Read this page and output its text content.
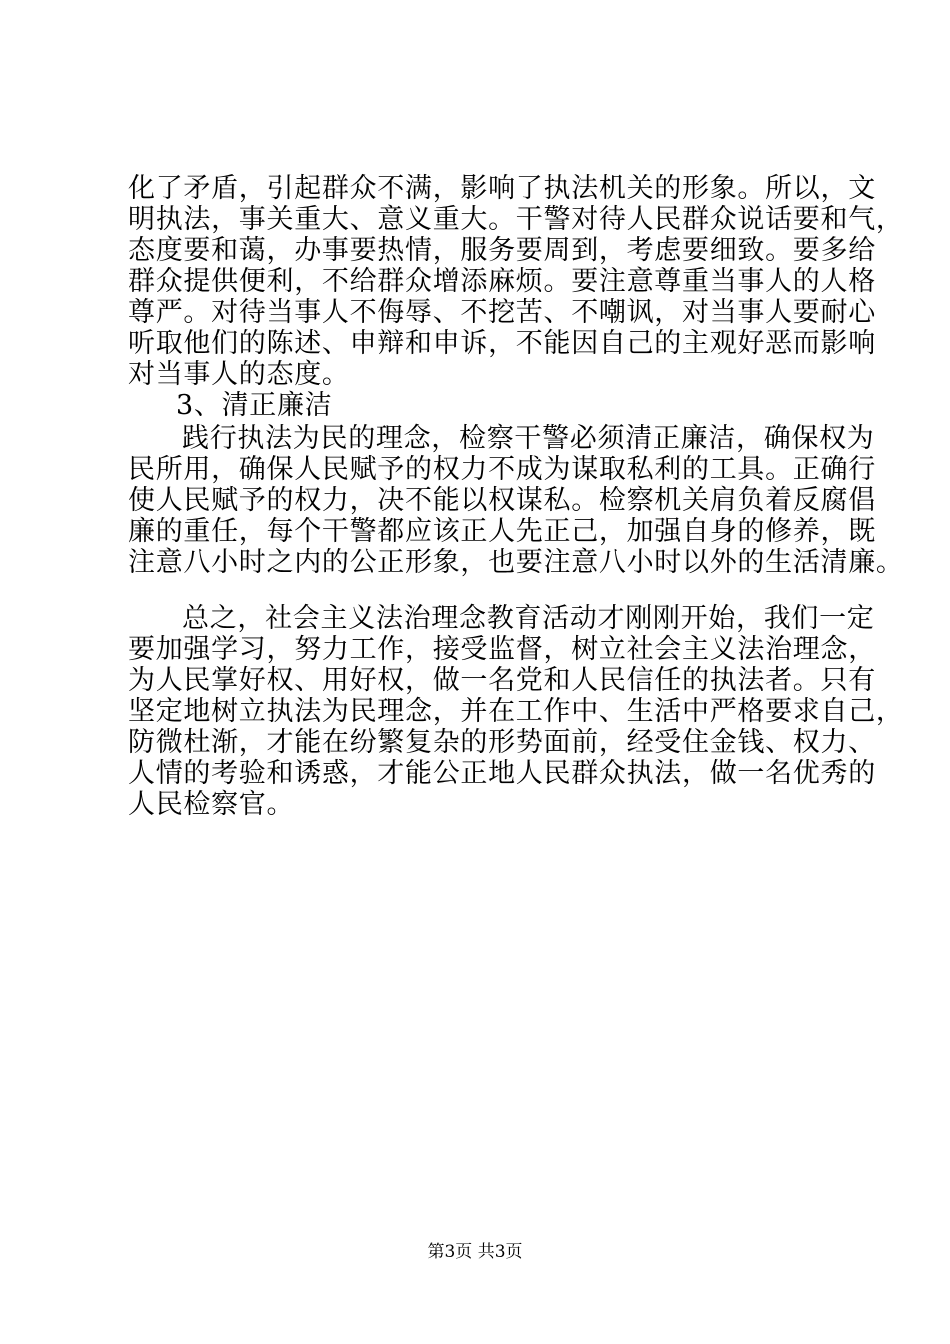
化了矛盾，引起群众不满，影响了执法机关的形象。所以，文
明执法，事关重大、意义重大。干警对待人民群众说话要和气，
态度要和蔼，办事要热情，服务要周到，考虑要细致。要多给
群众提供便利，不给群众增添麻烦。要注意尊重当事人的人格
尊严。对待当事人不侮辱、不挖苦、不嘲讽，对当事人要耐心
听取他们的陈述、申辩和申诉，不能因自己的主观好恶而影响
对当事人的态度。
3、清正廉洁
践行执法为民的理念，检察干警必须清正廉洁，确保权为
民所用，确保人民赋予的权力不成为谋取私利的工具。正确行
使人民赋予的权力，决不能以权谋私。检察机关肩负着反腐倡
廉的重任，每个干警都应该正人先正己，加强自身的修养，既
注意八小时之内的公正形象，也要注意八小时以外的生活清廉。
总之，社会主义法治理念教育活动才刚刚开始，我们一定
要加强学习，努力工作，接受监督，树立社会主义法治理念，
为人民掌好权、用好权，做一名党和人民信任的执法者。只有
坚定地树立执法为民理念，并在工作中、生活中严格要求自己，
防微杜渐，才能在纷繁复杂的形势面前，经受住金钱、权力、
人情的考验和诱惑，才能公正地人民群众执法，做一名优秀的
人民检察官。
第3页 共3页
